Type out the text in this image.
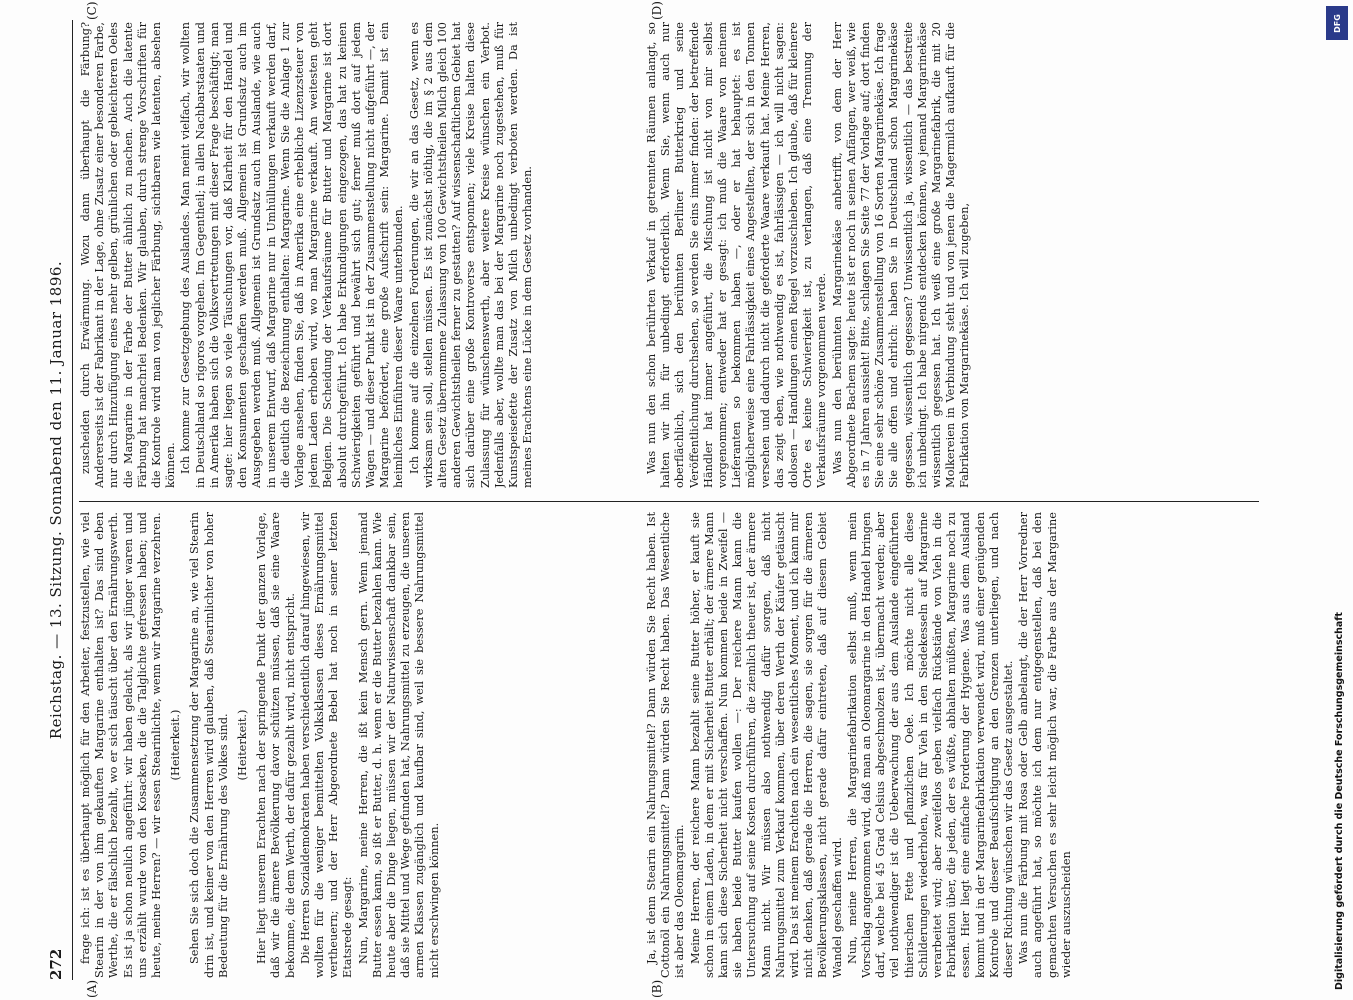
272
Reichstag. — 13. Sitzung. Sonnabend den 11. Januar 1896.
(A)	(B)
(C)	(D)

frage ich: ist es überhaupt möglich für den Arbeiter, festzustellen, wie viel Stearin in der von ihm gekauften Margarine enthalten ist? Das sind eben Werthe, die er fälschlich bezahlt, wo er sich täuscht über den Ernährungswerth. Es ist ja schon neulich angeführt: wir haben gelacht, als wir jünger waren und uns erzählt wurde von den Kosacken, die die Talglichte gefressen haben; und heute, meine Herren? — wir essen Stearinlichte, wenn wir Margarine verzehren. (Heiterkeit.) Sehen Sie sich doch die Zusammensetzung der Margarine an, wie viel Stearin drin ist, und keiner von den Herren wird glauben, daß Stearinlichter von hoher Bedeutung für die Ernährung des Volkes sind. (Heiterkeit.) Hier liegt unserem Erachten nach der springende Punkt der ganzen Vorlage, daß wir die ärmere Bevölkerung davor schützen müssen, daß sie eine Waare bekomme, die dem Werth, der dafür gezahlt wird, nicht entspricht. Die Herren Sozialdemokraten haben verschiedentlich darauf hingewiesen, wir wollten für die weniger bemittelten Volksklassen dieses Ernährungsmittel vertheuern; und der Herr Abgeordnete Bebel hat noch in seiner letzten Etatsrede gesagt: Nun, Margarine, meine Herren, die ißt kein Mensch gern. Wenn jemand Butter essen kann, so ißt er Butter, d. h. wenn er die Butter bezahlen kann. Wie heute aber die Dinge liegen, müssen wir der Naturwissenschaft dankbar sein, daß sie Mittel und Wege gefunden hat, Nahrungsmittel zu erzeugen, die unseren armen Klassen zugänglich und kaufbar sind, weil sie bessere Nahrungsmittel nicht erschwingen können.	Ja, ist denn Stearin ein Nahrungsmittel? Dann würden Sie Recht haben. Ist Cottonöl ein Nahrungsmittel? Dann würden Sie Recht haben. Das Wesentliche ist aber das Oleomargarin. Meine Herren, der reichere Mann bezahlt seine Butter höher, er kauft sie schon in einem Laden, in dem er mit Sicherheit Butter erhält; der ärmere Mann kann sich diese Sicherheit nicht verschaffen. Nun kommen beide in Zweifel — sie haben beide Butter kaufen wollen —: Der reichere Mann kann die Untersuchung auf seine Kosten durchführen, die ziemlich theuer ist, der ärmere Mann nicht. Wir müssen also nothwendig dafür sorgen, daß nicht Nahrungsmittel zum Verkauf kommen, über deren Werth der Käufer getäuscht wird. Das ist meinem Erachten nach ein wesentliches Moment, und ich kann mir nicht denken, daß gerade die Herren, die sagen, sie sorgen für die ärmeren Bevölkerungsklassen, nicht gerade dafür eintreten, daß auf diesem Gebiet Wandel geschaffen wird. Nun, meine Herren, die Margarinefabrikation selbst muß, wenn mein Vorschlag angenommen wird, daß man an Oleomargarine in den Handel bringen darf, welche bei 45 Grad Celsius abgeschmolzen ist, übermacht werden; aber viel nothwendiger ist die Ueberwachung der aus dem Auslande eingeführten thierischen Fette und pflanzlichen Oele. Ich möchte nicht alle diese Schilderungen wiederholen, was für Vieh in den Siedekesseln auf Margarine verarbeitet wird; aber zweifellos geben vielfach Rückstände von Vieh in die Fabrikation über, die jeden, der es wüßte, abhalten müßten, Margarine noch zu essen. Hier liegt eine einfache Forderung der Hygiene. Was aus dem Ausland kommt und in der Margarinefabrikation verwendet wird, muß einer genügenden Kontrole und dieser Beaufsichtigung an den Grenzen unterliegen, und nach dieser Richtung wünschen wir das Gesetz ausgestaltet. Was nun die Färbung mit Rosa oder Gelb anbelangt, die der Herr Vorredner auch angeführt hat, so möchte ich dem nur entgegenstellen, daß bei den gemachten Versuchen es sehr leicht möglich war, die Farbe aus der Margarine wieder auszuscheiden

zuscheiden durch Erwärmung. Wozu dann überhaupt die Färbung? Andererseits ist der Fabrikant in der Lage, ohne Zusatz einer besonderen Farbe, nur durch Hinzufügung eines mehr gelben, grünlichen oder gebleichteren Oeles die Margarine in der Farbe der Butter ähnlich zu machen. Auch die latente Färbung hat manchrlei Bedenken. Wir glauben, durch strenge Vorschriften für die Kontrole wird man von jeglicher Färbung, sichtbaren wie latenten, absehen können. Ich komme zur Gesetzgebung des Auslandes. Man meint vielfach, wir wollten in Deutschland so rigoros vorgehen. Im Gegentheil; in allen Nachbarstaaten und in Amerika haben sich die Volksvertretungen mit dieser Frage beschäftigt; man sagte: hier liegen so viele Täuschungen vor, daß Klarheit für den Handel und den Konsumenten geschaffen werden muß. Allgemein ist Grundsatz auch im Ausgegeben werden muß. Allgemein ist Grundsatz auch im Auslande, wie auch in unserem Entwurf, daß Margarine nur in Umhüllungen verkauft werden darf, die deutlich die Bezeichnung enthalten: Margarine. Wenn Sie die Anlage 1 zur Vorlage ansehen, finden Sie, daß in Amerika eine erhebliche Lizenzsteuer von jedem Laden erhoben wird, wo man Margarine verkauft. Am weitesten geht Belgien. Die Scheidung der Verkaufsräume für Butter und Margarine ist dort absolut durchgeführt. Ich habe Erkundigungen eingezogen, das hat zu keinen Schwierigkeiten geführt und bewährt sich gut; ferner muß dort auf jedem Wagen — und dieser Punkt ist in der Zusammenstellung nicht aufgeführt —, der Margarine befördert, eine große Aufschrift sein: Margarine. Damit ist ein heimliches Einführen dieser Waare unterbunden. Ich komme auf die einzelnen Forderungen, die wir an das Gesetz, wenn es wirksam sein soll, stellen müssen. Es ist zunächst nöthig, die im § 2 aus dem alten Gesetz übernommene Zulassung von 100 Gewichtstheilen Milch gleich 100 anderen Gewichtstheilen ferner zu gestatten? Auf wissenschaftlichem Gebiet hat sich darüber eine große Kontroverse entsponnen; viele Kreise halten diese Zulassung für wünschenswerth, aber weitere Kreise wünschen ein Verbot. Jedenfalls aber, wollte man das bei der Margarine noch zugestehen, muß für Kunstspeisefette der Zusatz von Milch unbedingt verboten werden. Da ist meines Erachtens eine Lücke in dem Gesetz vorhanden.	Was nun den schon berührten Verkauf in getrennten Räumen anlangt, so halten wir ihn für unbedingt erforderlich. Wenn Sie, wenn auch nur oberflächlich, sich den berühmten Berliner Butterkrieg und seine Veröffentlichung durchsehen, so werden Sie eins immer finden: der betreffende Händler hat immer angeführt, die Mischung ist nicht von mir selbst vorgenommen; entweder hat er gesagt: ich muß die Waare von meinem Lieferanten so bekommen haben —, oder er hat behauptet: es ist möglicherweise eine Fahrlässigkeit eines Angestellten, der sich in den Tonnen versehen und dadurch nicht die geforderte Waare verkauft hat. Meine Herren, das zeigt eben, wie nothwendig es ist, fahrlässigen — ich will nicht sagen: dolosen — Handlungen einen Riegel vorzuschieben. Ich glaube, daß für kleinere Orte es keine Schwierigkeit ist, zu verlangen, daß eine Trennung der Verkaufsräume vorgenommen werde. Was nun den berühmten Margarinekäse anbetrifft, von dem der Herr Abgeordnete Bachem sagte: heute ist er noch in seinen Anfängen, wer weiß, wie es in 7 Jahren aussieht! Bitte, schlagen Sie Seite 77 der Vorlage auf; dort finden Sie eine sehr schöne Zusammenstellung von 16 Sorten Margarinekäse. Ich frage Sie alle offen und ehrlich: haben Sie in Deutschland schon Margarinekäse gegessen, wissentlich gegessen? Unwissentlich ja, wissentlich — das bestreite ich unbedingt. Ich habe nirgends entdecken können, wo jemand Margarinekäse wissentlich gegessen hat. Ich weiß eine große Margarinefabrik, die mit 20 Molkereien in Verbindung steht und von jenen die Magermilch aufkauft für die Fabrikation von Margarinekäse. Ich will zugeben,

DFG
Digitalisierung gefördert durch die Deutsche Forschungsgemeinschaft
